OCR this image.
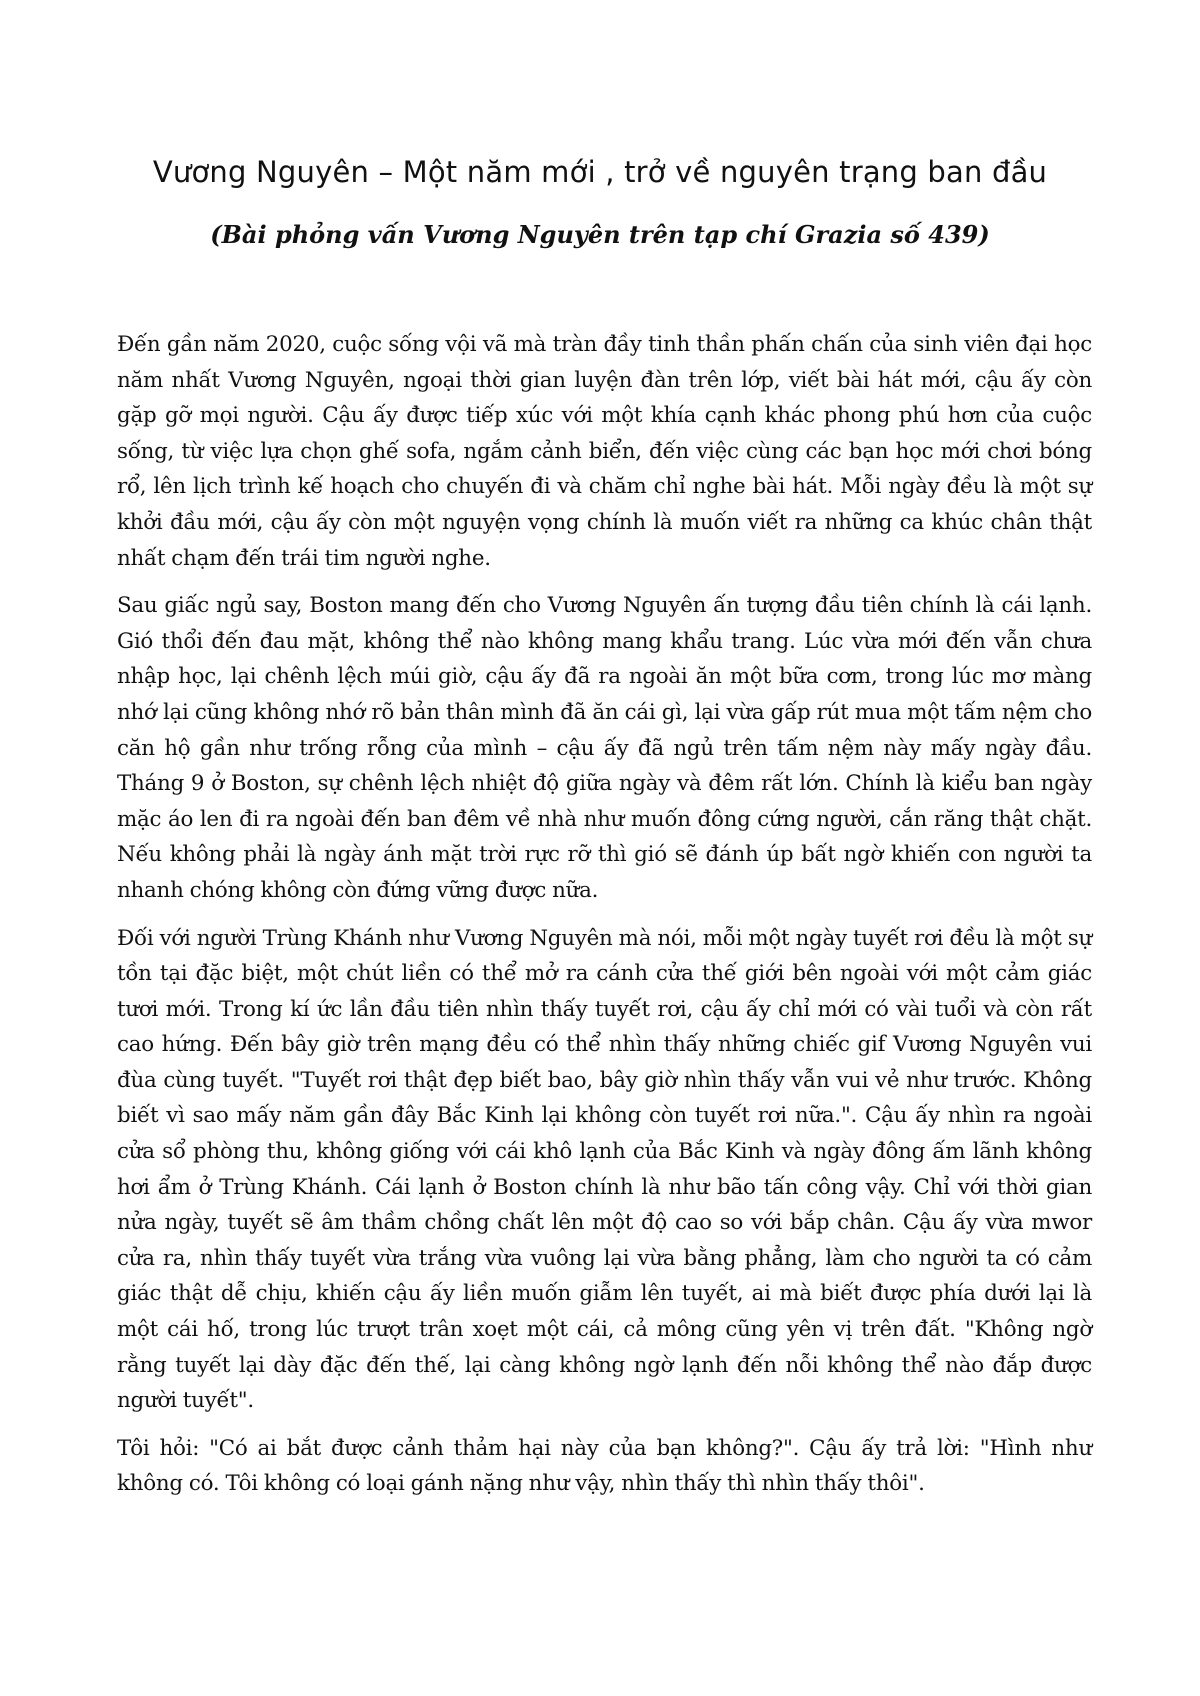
Vương Nguyên – Một năm mới , trở về nguyên trạng ban đầu
(Bài phỏng vấn Vương Nguyên trên tạp chí Grazia số 439)

Đến gần năm 2020, cuộc sống vội vã mà tràn đầy tinh thần phấn chấn của sinh viên đại học năm nhất Vương Nguyên, ngoại thời gian luyện đàn trên lớp, viết bài hát mới, cậu ấy còn gặp gỡ mọi người. Cậu ấy được tiếp xúc với một khía cạnh khác phong phú hơn của cuộc sống, từ việc lựa chọn ghế sofa, ngắm cảnh biển, đến việc cùng các bạn học mới chơi bóng rổ, lên lịch trình kế hoạch cho chuyến đi và chăm chỉ nghe bài hát. Mỗi ngày đều là một sự khởi đầu mới, cậu ấy còn một nguyện vọng chính là muốn viết ra những ca khúc chân thật nhất chạm đến trái tim người nghe.

Sau giấc ngủ say, Boston mang đến cho Vương Nguyên ấn tượng đầu tiên chính là cái lạnh. Gió thổi đến đau mặt, không thể nào không mang khẩu trang. Lúc vừa mới đến vẫn chưa nhập học, lại chênh lệch múi giờ, cậu ấy đã ra ngoài ăn một bữa cơm, trong lúc mơ màng nhớ lại cũng không nhớ rõ bản thân mình đã ăn cái gì, lại vừa gấp rút mua một tấm nệm cho căn hộ gần như trống rỗng của mình – cậu ấy đã ngủ trên tấm nệm này mấy ngày đầu. Tháng 9 ở Boston, sự chênh lệch nhiệt độ giữa ngày và đêm rất lớn. Chính là kiểu ban ngày mặc áo len đi ra ngoài đến ban đêm về nhà như muốn đông cứng người, cắn răng thật chặt. Nếu không phải là ngày ánh mặt trời rực rỡ thì gió sẽ đánh úp bất ngờ khiến con người ta nhanh chóng không còn đứng vững được nữa.

Đối với người Trùng Khánh như Vương Nguyên mà nói, mỗi một ngày tuyết rơi đều là một sự tồn tại đặc biệt, một chút liền có thể mở ra cánh cửa thế giới bên ngoài với một cảm giác tươi mới. Trong kí ức lần đầu tiên nhìn thấy tuyết rơi, cậu ấy chỉ mới có vài tuổi và còn rất cao hứng. Đến bây giờ trên mạng đều có thể nhìn thấy những chiếc gif Vương Nguyên vui đùa cùng tuyết. "Tuyết rơi thật đẹp biết bao, bây giờ nhìn thấy vẫn vui vẻ như trước. Không biết vì sao mấy năm gần đây Bắc Kinh lại không còn tuyết rơi nữa.". Cậu ấy nhìn ra ngoài cửa sổ phòng thu, không giống với cái khô lạnh của Bắc Kinh và ngày đông ấm lãnh không hơi ẩm ở Trùng Khánh. Cái lạnh ở Boston chính là như bão tấn công vậy. Chỉ với thời gian nửa ngày, tuyết sẽ âm thầm chồng chất lên một độ cao so với bắp chân. Cậu ấy vừa mwor cửa ra, nhìn thấy tuyết vừa trắng vừa vuông lại vừa bằng phẳng, làm cho người ta có cảm giác thật dễ chịu, khiến cậu ấy liền muốn giẫm lên tuyết, ai mà biết được phía dưới lại là một cái hố, trong lúc trượt trân xoẹt một cái, cả mông cũng yên vị trên đất. "Không ngờ rằng tuyết lại dày đặc đến thế, lại càng không ngờ lạnh đến nỗi không thể nào đắp được người tuyết".

Tôi hỏi: "Có ai bắt được cảnh thảm hại này của bạn không?". Cậu ấy trả lời: "Hình như không có. Tôi không có loại gánh nặng như vậy, nhìn thấy thì nhìn thấy thôi".
